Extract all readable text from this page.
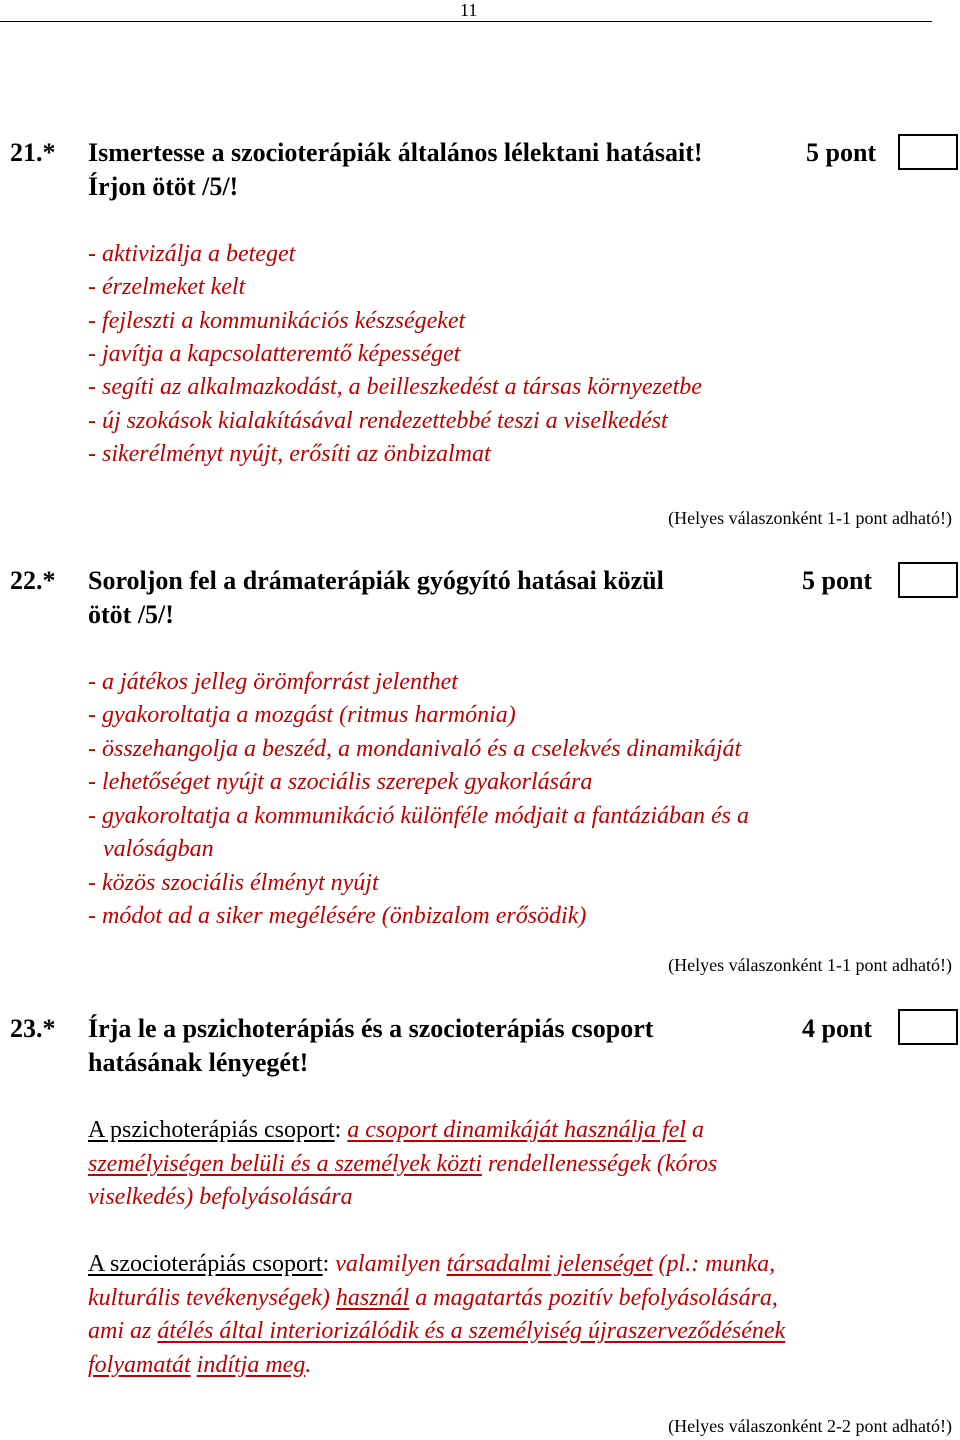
11
21.* Ismertesse a szocioterápiák általános lélektani hatásait!	5 pont
Írjon ötöt /5/!
- aktivizálja a beteget
- érzelmeket kelt
- fejleszti a kommunikációs készségeket
- javítja a kapcsolatteremtő képességet
- segíti az alkalmazkodást, a beilleszkedést a társas környezetbe
- új szokások kialakításával rendezettebbé teszi a viselkedést
- sikerélményt nyújt, erősíti az önbizalmat
(Helyes válaszonként 1-1 pont adható!)
22.* Soroljon fel a drámaterápiák gyógyító hatásai közül	5 pont
ötöt /5/!
- a játékos jelleg örömforrást jelenthet
- gyakoroltatja a mozgást (ritmus harmónia)
- összehangolja a beszéd, a mondanivaló és a cselekvés dinamikáját
- lehetőséget nyújt a szociális szerepek gyakorlására
- gyakoroltatja a kommunikáció különféle módjait a fantáziában és a
valóságban
- közös szociális élményt nyújt
- módot ad a siker megélésére (önbizalom erősödik)
(Helyes válaszonként 1-1 pont adható!)
23.* Írja le a pszichoterápiás és a szocioterápiás csoport	4 pont
hatásának lényegét!
A pszichoterápiás csoport: a csoport dinamikáját használja fel a
személyiségen belüli és a személyek közti rendellenességek (kóros
viselkedés) befolyásolására
A szocioterápiás csoport: valamilyen társadalmi jelenséget (pl.: munka,
kulturális tevékenységek) használ a magatartás pozitív befolyásolására,
ami az átélés által interiorizálódik és a személyiség újraszerveződésének
folyamatát indítja meg.
(Helyes válaszonként 2-2 pont adható!)
